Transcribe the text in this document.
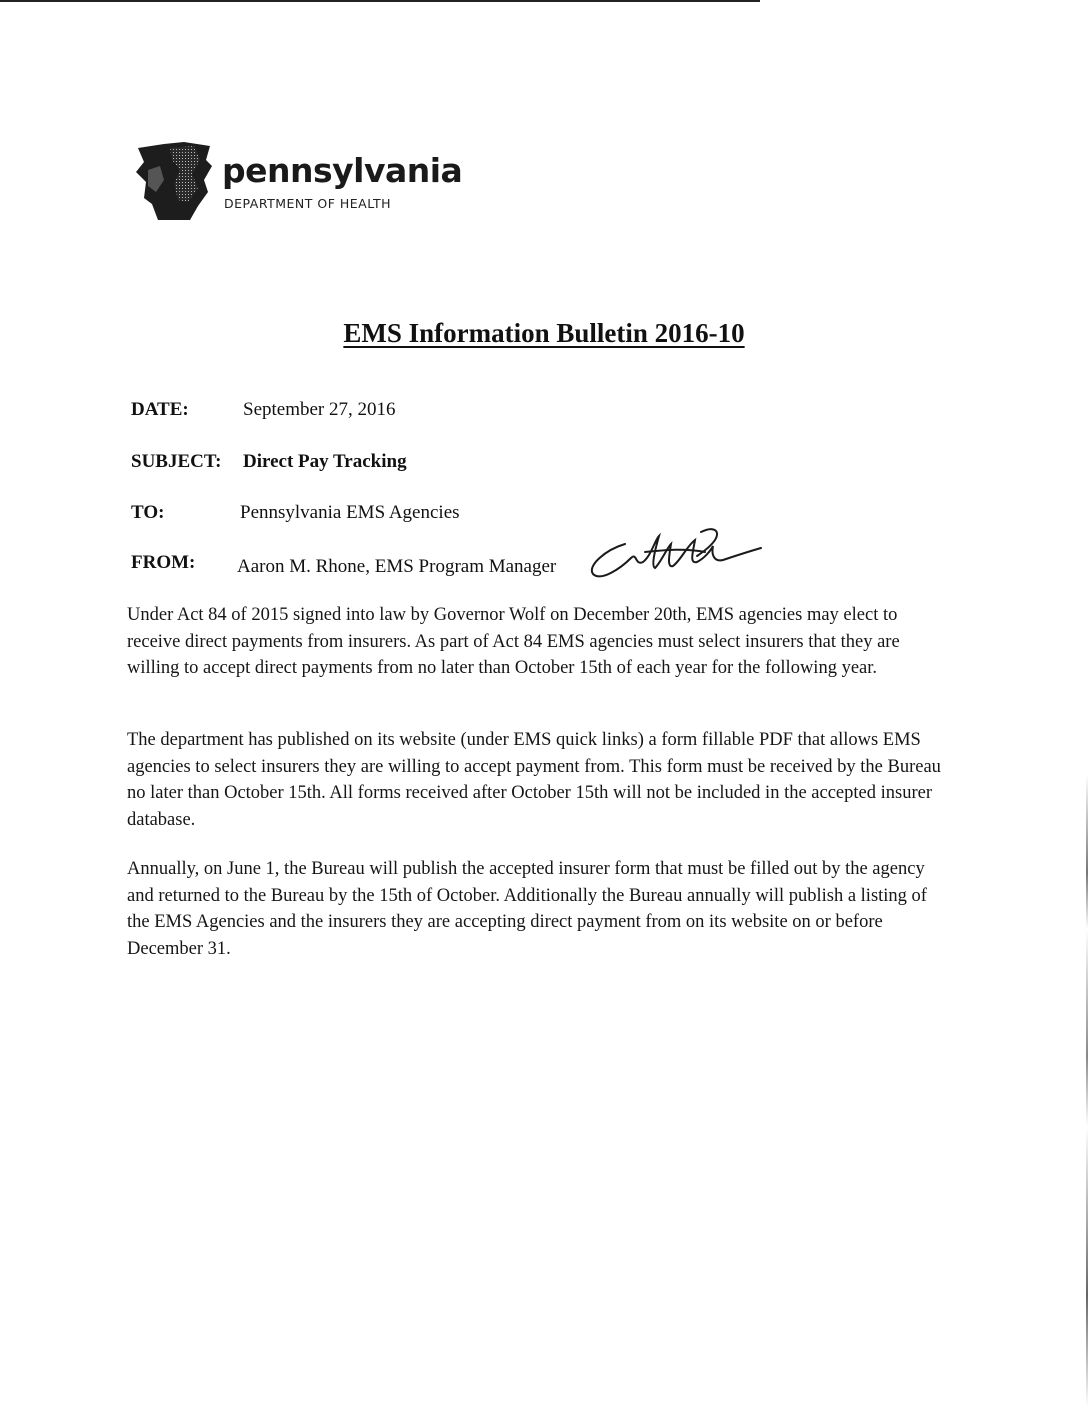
pennsylvania
DEPARTMENT OF HEALTH
EMS Information Bulletin 2016-10
DATE:	September 27, 2016
SUBJECT: Direct Pay Tracking
TO:	Pennsylvania EMS Agencies
FROM: Aaron M. Rhone, EMS Program Manager
Under Act 84 of 2015 signed into law by Governor Wolf on December 20th, EMS agencies may elect to receive direct payments from insurers. As part of Act 84 EMS agencies must select insurers that they are willing to accept direct payments from no later than October 15th of each year for the following year.
The department has published on its website (under EMS quick links) a form fillable PDF that allows EMS agencies to select insurers they are willing to accept payment from. This form must be received by the Bureau no later than October 15th. All forms received after October 15th will not be included in the accepted insurer database.
Annually, on June 1, the Bureau will publish the accepted insurer form that must be filled out by the agency and returned to the Bureau by the 15th of October. Additionally the Bureau annually will publish a listing of the EMS Agencies and the insurers they are accepting direct payment from on its website on or before December 31.
